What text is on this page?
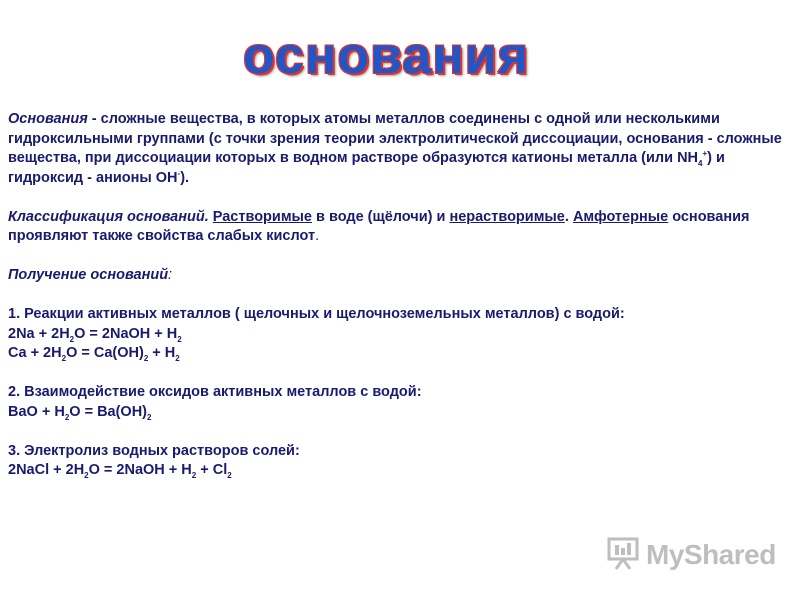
основания

Основания - сложные вещества, в которых атомы металлов соединены с одной или несколькими гидроксильными группами (с точки зрения теории электролитической диссоциации, основания - сложные вещества, при диссоциации которых в водном растворе образуются катионы металла (или $NH_4^+$) и гидроксид - анионы OH-).

Классификация оснований. Растворимые в воде (щёлочи) и нерастворимые. Амфотерные основания проявляют также свойства слабых кислот.

Получение оснований:

1. Реакции активных металлов ( щелочных и щелочноземельных металлов) с водой:

$2Na + 2H_2O$ = 2NaOH + $H_2$

$Ca + 2H_2O = Ca(OH)_2 + H_2$

2. Взаимодействие оксидов активных металлов с водой:

BaO + $H_2O = Ba(OH)_2$

3. Электролиз водных растворов солей:

2NaCl + $2H_2O$ = 2NaOH + $H_2 + Cl_2$

MyShared
